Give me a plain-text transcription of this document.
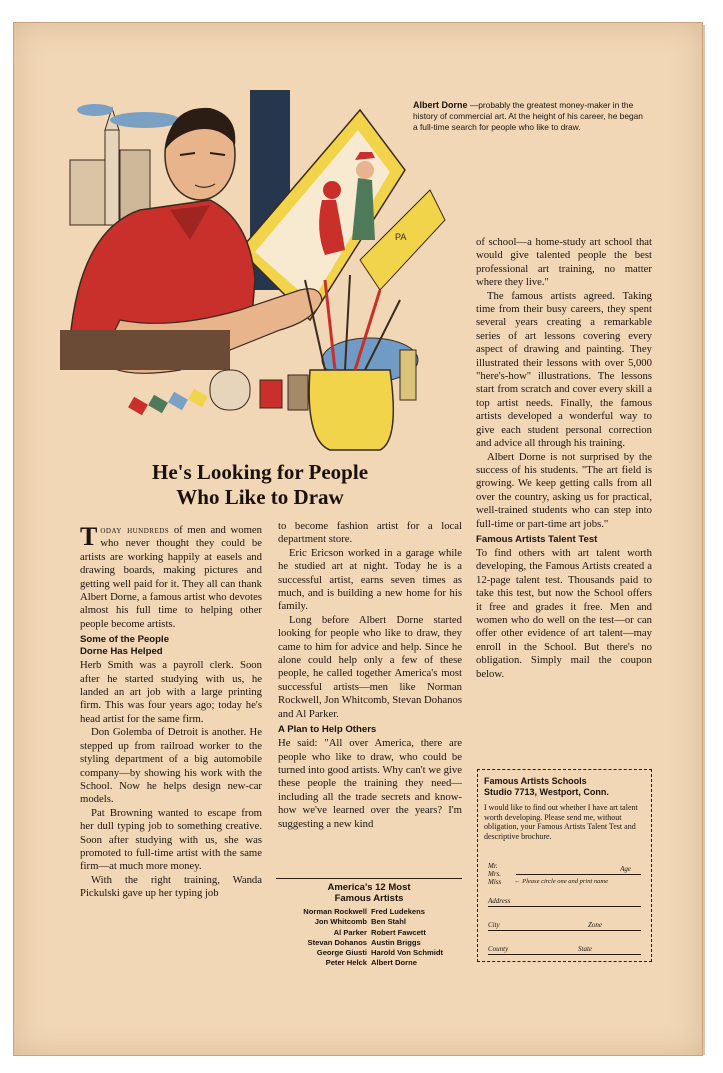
PA
Albert Dorne —probably the greatest money-maker in the history of commercial art. At the height of his career, he began a full-time search for people who like to draw.
He's Looking for People
Who Like to Draw

Today hundreds of men and women who never thought they could be artists are working happily at easels and drawing boards, making pictures and getting well paid for it. They all can thank Albert Dorne, a famous artist who devotes almost his full time to helping other people become artists.

Some of the People
Dorne Has Helped

Herb Smith was a payroll clerk. Soon after he started studying with us, he landed an art job with a large printing firm. This was four years ago; today he's head artist for the same firm.

Don Golemba of Detroit is another. He stepped up from railroad worker to the styling department of a big automobile company—by showing his work with the School. Now he helps design new-car models.

Pat Browning wanted to escape from her dull typing job to something creative. Soon after studying with us, she was promoted to full-time artist with the same firm—at much more money.

With the right training, Wanda Pickulski gave up her typing job

to become fashion artist for a local department store.

Eric Ericson worked in a garage while he studied art at night. Today he is a successful artist, earns seven times as much, and is building a new home for his family.

Long before Albert Dorne started looking for people who like to draw, they came to him for advice and help. Since he alone could help only a few of these people, he called together America's most successful artists—men like Norman Rockwell, Jon Whitcomb, Stevan Dohanos and Al Parker.

A Plan to Help Others

He said: "All over America, there are people who like to draw, who could be turned into good artists. Why can't we give these people the training they need—including all the trade secrets and know-how we've learned over the years? I'm suggesting a new kind

America's 12 Most
Famous Artists
Norman Rockwell	Fred Ludekens
Jon Whitcomb	Ben Stahl
Al Parker	Robert Fawcett
Stevan Dohanos	Austin Briggs
George Giusti	Harold Von Schmidt
Peter Helck	Albert Dorne

of school—a home-study art school that would give talented people the best professional art training, no matter where they live."

The famous artists agreed. Taking time from their busy careers, they spent several years creating a remarkable series of art lessons covering every aspect of drawing and painting. They illustrated their lessons with over 5,000 "here's-how" illustrations. The lessons start from scratch and cover every skill a top artist needs. Finally, the famous artists developed a wonderful way to give each student personal correction and advice all through his training.

Albert Dorne is not surprised by the success of his students. "The art field is growing. We keep getting calls from all over the country, asking us for practical, well-trained students who can step into full-time or part-time art jobs."

Famous Artists Talent Test

To find others with art talent worth developing, the Famous Artists created a 12-page talent test. Thousands paid to take this test, but now the School offers it free and grades it free. Men and women who do well on the test—or can offer other evidence of art talent—may enroll in the School. But there's no obligation. Simply mail the coupon below.

Famous Artists Schools
Studio 7713, Westport, Conn.
I would like to find out whether I have art talent worth developing. Please send me, without obligation, your Famous Artists Talent Test and descriptive brochure.
Mr.
Mrs.
Miss
Age
← Please circle one and print name
Address
City	Zone
County	State
